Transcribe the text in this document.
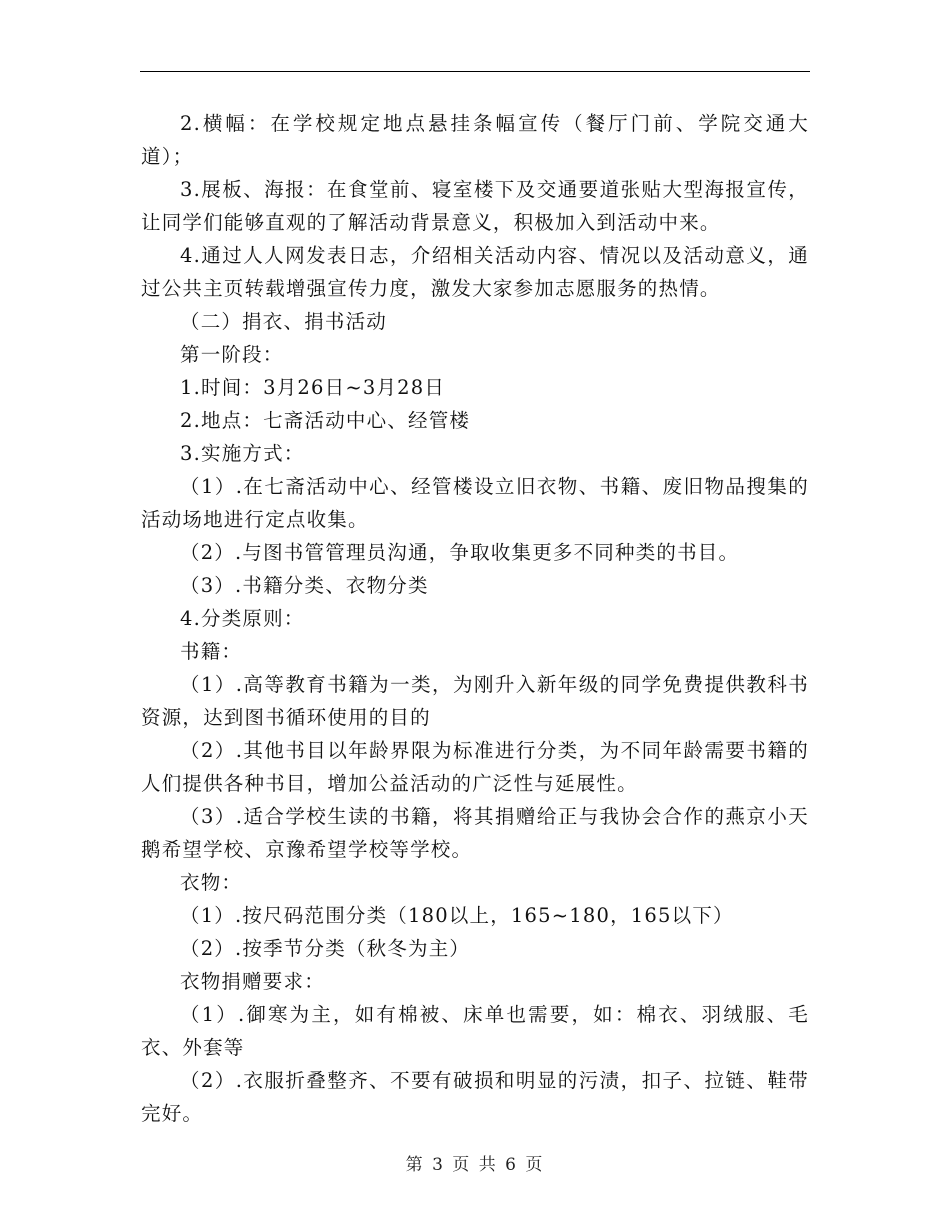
2.横幅：在学校规定地点悬挂条幅宣传（餐厅门前、学院交通大道）；

3.展板、海报：在食堂前、寝室楼下及交通要道张贴大型海报宣传，让同学们能够直观的了解活动背景意义，积极加入到活动中来。

4.通过人人网发表日志，介绍相关活动内容、情况以及活动意义，通过公共主页转载增强宣传力度，激发大家参加志愿服务的热情。

（二）捐衣、捐书活动

第一阶段：

1.时间：3月26日~3月28日

2.地点：七斋活动中心、经管楼

3.实施方式：

（1）.在七斋活动中心、经管楼设立旧衣物、书籍、废旧物品搜集的活动场地进行定点收集。

（2）.与图书管管理员沟通，争取收集更多不同种类的书目。

（3）.书籍分类、衣物分类

4.分类原则：

书籍：

（1）.高等教育书籍为一类，为刚升入新年级的同学免费提供教科书资源，达到图书循环使用的目的

（2）.其他书目以年龄界限为标准进行分类，为不同年龄需要书籍的人们提供各种书目，增加公益活动的广泛性与延展性。

（3）.适合学校生读的书籍，将其捐赠给正与我协会合作的燕京小天鹅希望学校、京豫希望学校等学校。

衣物：

（1）.按尺码范围分类（180以上，165~180，165以下）

（2）.按季节分类（秋冬为主）

衣物捐赠要求：

（1）.御寒为主，如有棉被、床单也需要，如：棉衣、羽绒服、毛衣、外套等

（2）.衣服折叠整齐、不要有破损和明显的污渍，扣子、拉链、鞋带完好。

第 3 页 共 6 页
